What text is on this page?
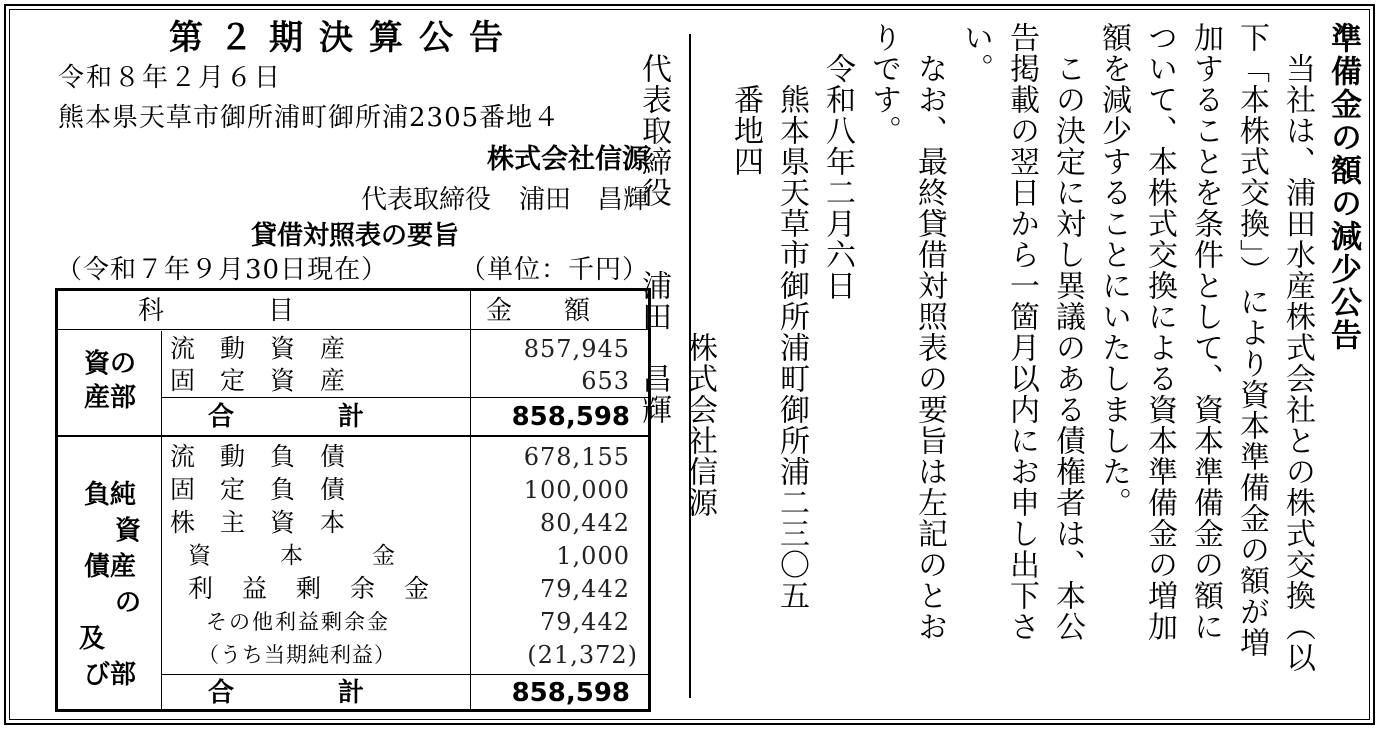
第２期決算公告
令和８年２月６日
熊本県天草市御所浦町御所浦2305番地４
株式会社信源
代表取締役 浦田　昌輝
貸借対照表の要旨
（令和７年９月30日現在）	（単位：千円）
科　　　　目	金　　額
資の
産部
流　動　資　産	857,945
固　定　資　産	653
合　　　　計	858,598
負純
資
債産
の
及
び部
流　動　負　債	678,155
固　定　負　債	100,000
株　主　資　本	80,442
資　　　本　　　金	1,000
利　益　剰　余　金	79,442
その他利益剰余金	79,442
（うち当期純利益）	(21,372)
合　　　　計	858,598
準備金の額の減少公告
　当社は、浦田水産株式会社との株式交換（以
下「本株式交換」）により資本準備金の額が増
加することを条件として、資本準備金の額に
ついて、本株式交換による資本準備金の増加
額を減少することにいたしました。
　この決定に対し異議のある債権者は、本公
告掲載の翌日から一箇月以内にお申し出下さ
い。
　なお、最終貸借対照表の要旨は左記のとお
りです。
　令和八年二月六日
　　熊本県天草市御所浦町御所浦二三〇五
　　番地四
　　　　　　　　　　株式会社信源
　代表取締役　　浦田　昌輝
